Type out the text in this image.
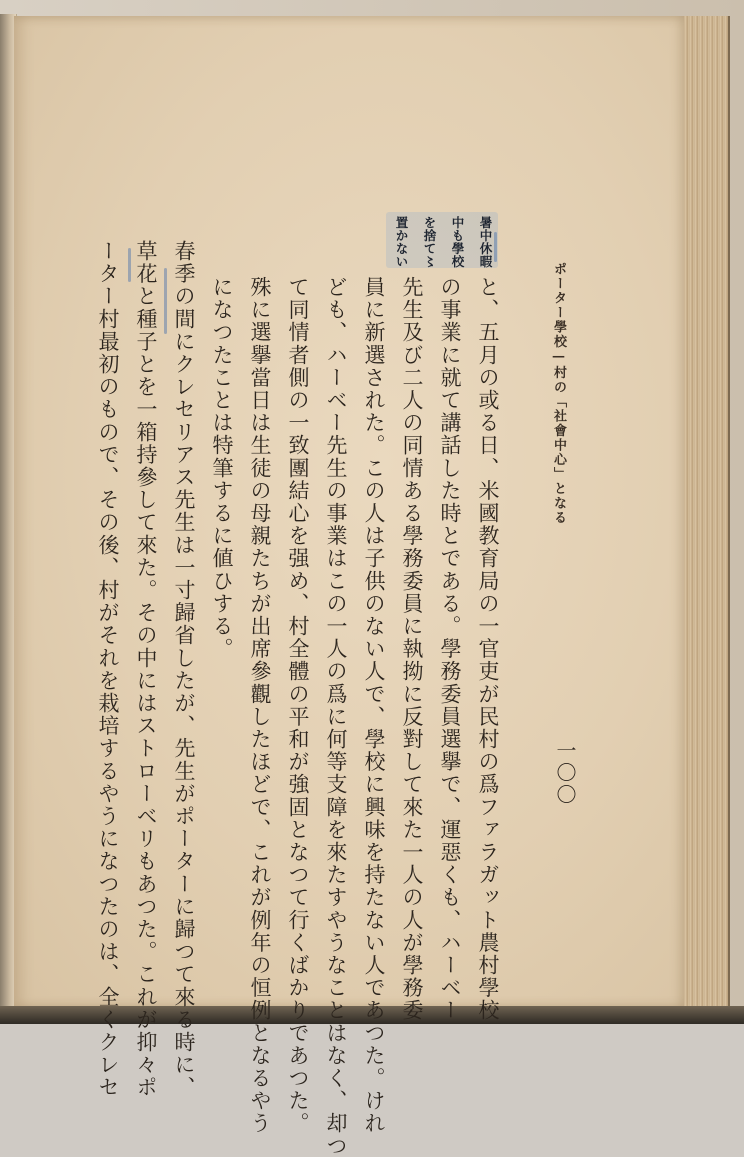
ポーター學校—村の「社會中心」となる

一〇〇

暑中休暇

中も學校

を捨て〻

置かない

と、五月の或る日、米國教育局の一官吏が民村の爲ファラガット農村學校

の事業に就て講話した時とである。學務委員選擧で、運惡くも、ハーベー

先生及び二人の同情ある學務委員に執拗に反對して來た一人の人が學務委

員に新選された。この人は子供のない人で、學校に興味を持たない人であつた。けれ

ども、ハーベー先生の事業はこの一人の爲に何等支障を來たすやうなことはなく、却つ

て同情者側の一致團結心を强め、村全體の平和が強固となつて行くばかりであつた。

殊に選擧當日は生徒の母親たちが出席參觀したほどで、これが例年の恒例となるやう

になつたことは特筆するに値ひする。

春季の間にクレセリアス先生は一寸歸省したが、先生がポーターに歸つて來る時に、

草花と種子とを一箱持參して來た。その中にはストローベリもあつた。これが抑々ポ

ーター村最初のもので、その後、村がそれを栽培するやうになつたのは、全くクレセ
